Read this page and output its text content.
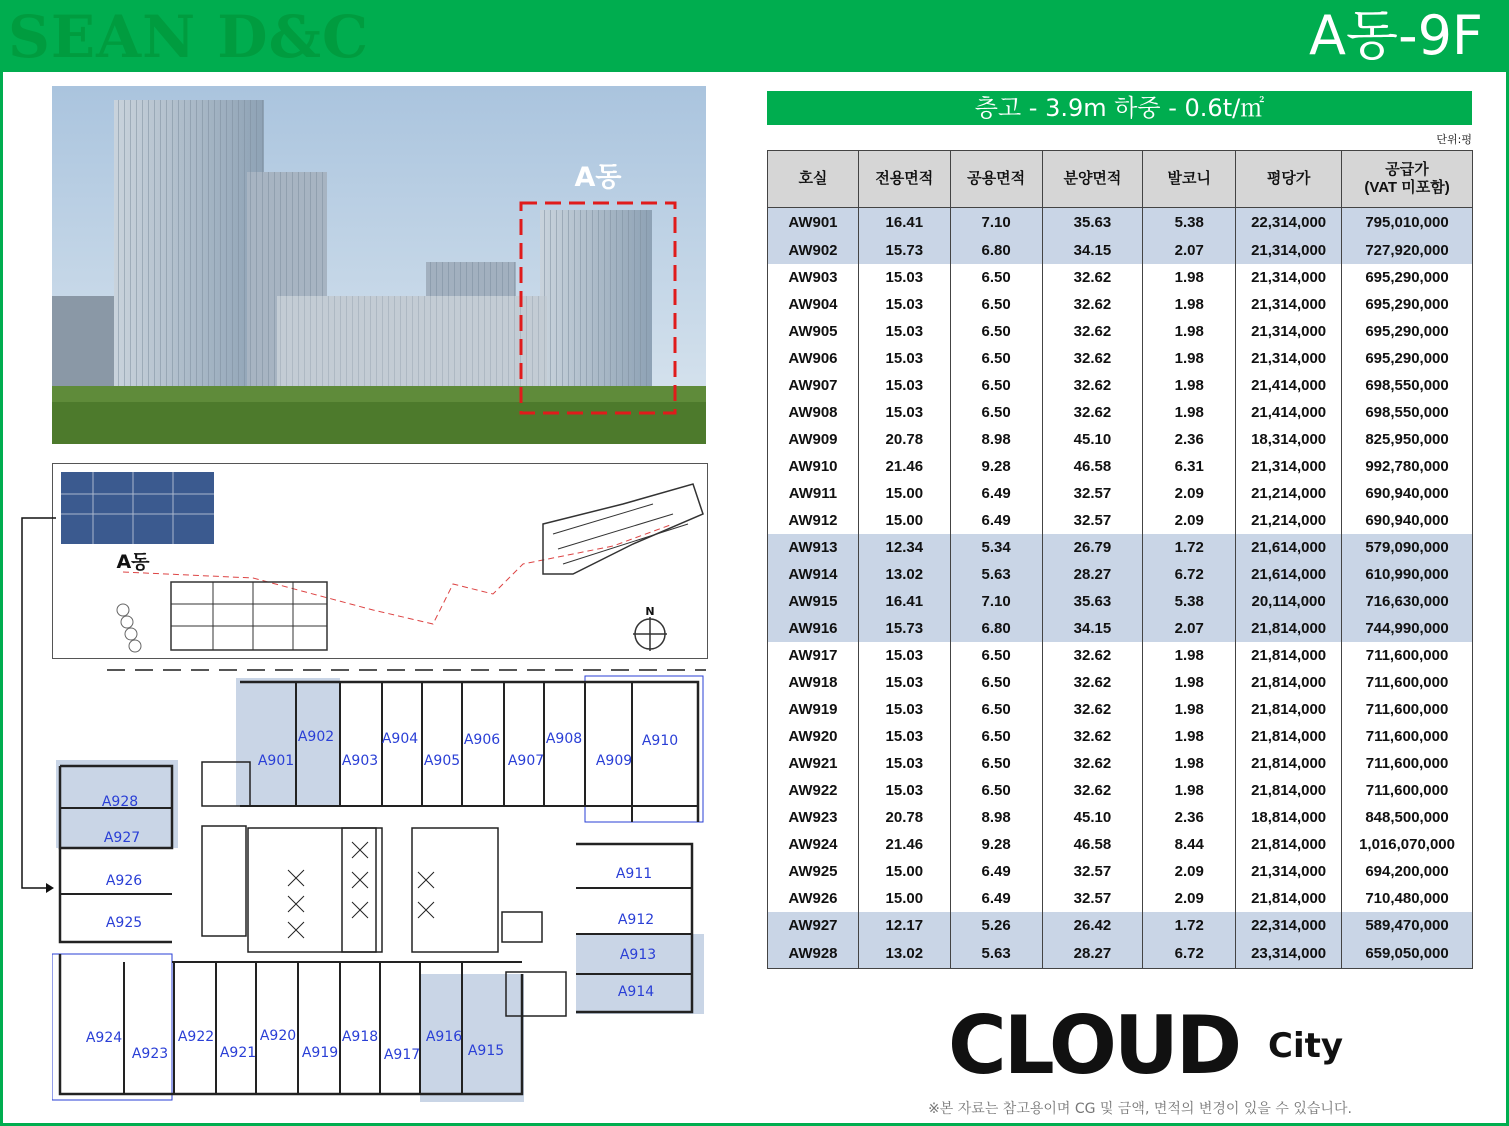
SEAN D&C	A동-9F
A동
A동
N
A901
A902
A903
A904
A905
A906
A907
A908
A909
A910
A911
A912
A913
A914
A915
A916
A917
A918
A919
A920
A921
A922
A923
A924
A925
A926
A927
A928
층고 - 3.9m 하중 - 0.6t/㎡
단위:평
호실	전용면적	공용면적	분양면적	발코니	평당가	공급가
(VAT 미포함)
AW901	16.41	7.10	35.63	5.38	22,314,000	795,010,000
AW902	15.73	6.80	34.15	2.07	21,314,000	727,920,000
AW903	15.03	6.50	32.62	1.98	21,314,000	695,290,000
AW904	15.03	6.50	32.62	1.98	21,314,000	695,290,000
AW905	15.03	6.50	32.62	1.98	21,314,000	695,290,000
AW906	15.03	6.50	32.62	1.98	21,314,000	695,290,000
AW907	15.03	6.50	32.62	1.98	21,414,000	698,550,000
AW908	15.03	6.50	32.62	1.98	21,414,000	698,550,000
AW909	20.78	8.98	45.10	2.36	18,314,000	825,950,000
AW910	21.46	9.28	46.58	6.31	21,314,000	992,780,000
AW911	15.00	6.49	32.57	2.09	21,214,000	690,940,000
AW912	15.00	6.49	32.57	2.09	21,214,000	690,940,000
AW913	12.34	5.34	26.79	1.72	21,614,000	579,090,000
AW914	13.02	5.63	28.27	6.72	21,614,000	610,990,000
AW915	16.41	7.10	35.63	5.38	20,114,000	716,630,000
AW916	15.73	6.80	34.15	2.07	21,814,000	744,990,000
AW917	15.03	6.50	32.62	1.98	21,814,000	711,600,000
AW918	15.03	6.50	32.62	1.98	21,814,000	711,600,000
AW919	15.03	6.50	32.62	1.98	21,814,000	711,600,000
AW920	15.03	6.50	32.62	1.98	21,814,000	711,600,000
AW921	15.03	6.50	32.62	1.98	21,814,000	711,600,000
AW922	15.03	6.50	32.62	1.98	21,814,000	711,600,000
AW923	20.78	8.98	45.10	2.36	18,814,000	848,500,000
AW924	21.46	9.28	46.58	8.44	21,814,000	1,016,070,000
AW925	15.00	6.49	32.57	2.09	21,314,000	694,200,000
AW926	15.00	6.49	32.57	2.09	21,814,000	710,480,000
AW927	12.17	5.26	26.42	1.72	22,314,000	589,470,000
AW928	13.02	5.63	28.27	6.72	23,314,000	659,050,000
CLOUD City
※본 자료는 참고용이며 CG 및 금액, 면적의 변경이 있을 수 있습니다.
